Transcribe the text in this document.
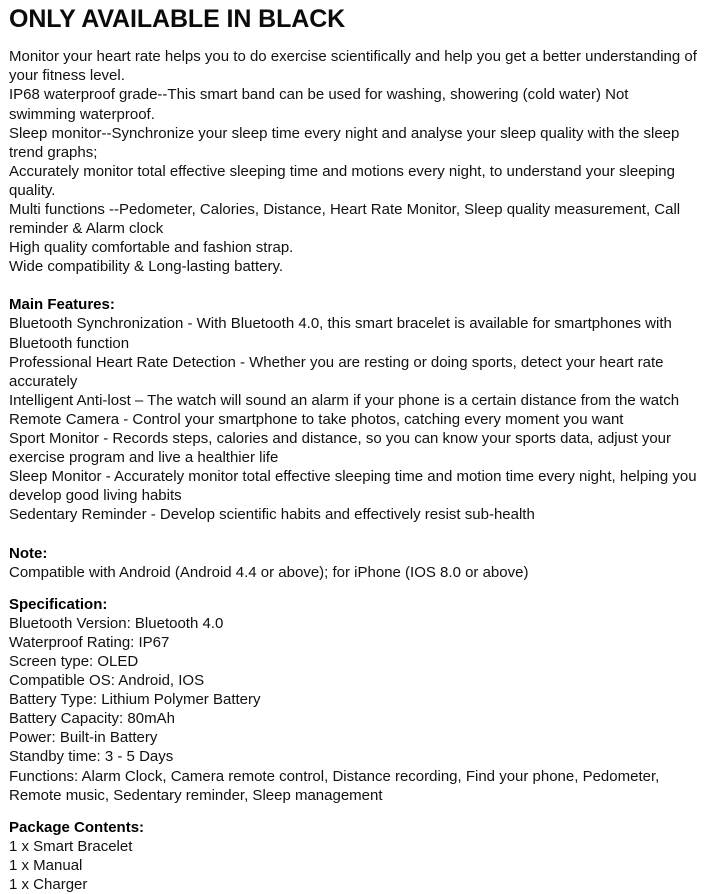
ONLY AVAILABLE IN BLACK

Monitor your heart rate helps you to do exercise scientifically and help you get a better understanding of your fitness level.

IP68 waterproof grade--This smart band can be used for washing, showering (cold water) Not swimming waterproof.

Sleep monitor--Synchronize your sleep time every night and analyse your sleep quality with the sleep trend graphs;

Accurately monitor total effective sleeping time and motions every night, to understand your sleeping quality.

Multi functions --Pedometer, Calories, Distance, Heart Rate Monitor, Sleep quality measurement, Call reminder & Alarm clock

High quality comfortable and fashion strap.

Wide compatibility & Long-lasting battery.

Main Features:

Bluetooth Synchronization - With Bluetooth 4.0, this smart bracelet is available for smartphones with Bluetooth function

Professional Heart Rate Detection - Whether you are resting or doing sports, detect your heart rate accurately

Intelligent Anti-lost – The watch will sound an alarm if your phone is a certain distance from the watch

Remote Camera - Control your smartphone to take photos, catching every moment you want

Sport Monitor - Records steps, calories and distance, so you can know your sports data, adjust your exercise program and live a healthier life

Sleep Monitor - Accurately monitor total effective sleeping time and motion time every night, helping you develop good living habits

Sedentary Reminder - Develop scientific habits and effectively resist sub-health

Note:

Compatible with Android (Android 4.4 or above); for iPhone (IOS 8.0 or above)

Specification:

Bluetooth Version: Bluetooth 4.0

Waterproof Rating: IP67

Screen type: OLED

Compatible OS: Android, IOS

Battery Type: Lithium Polymer Battery

Battery Capacity: 80mAh

Power: Built-in Battery

Standby time: 3 - 5 Days

Functions: Alarm Clock, Camera remote control, Distance recording, Find your phone, Pedometer, Remote music, Sedentary reminder, Sleep management

Package Contents:

1 x Smart Bracelet

1 x Manual

1 x Charger
